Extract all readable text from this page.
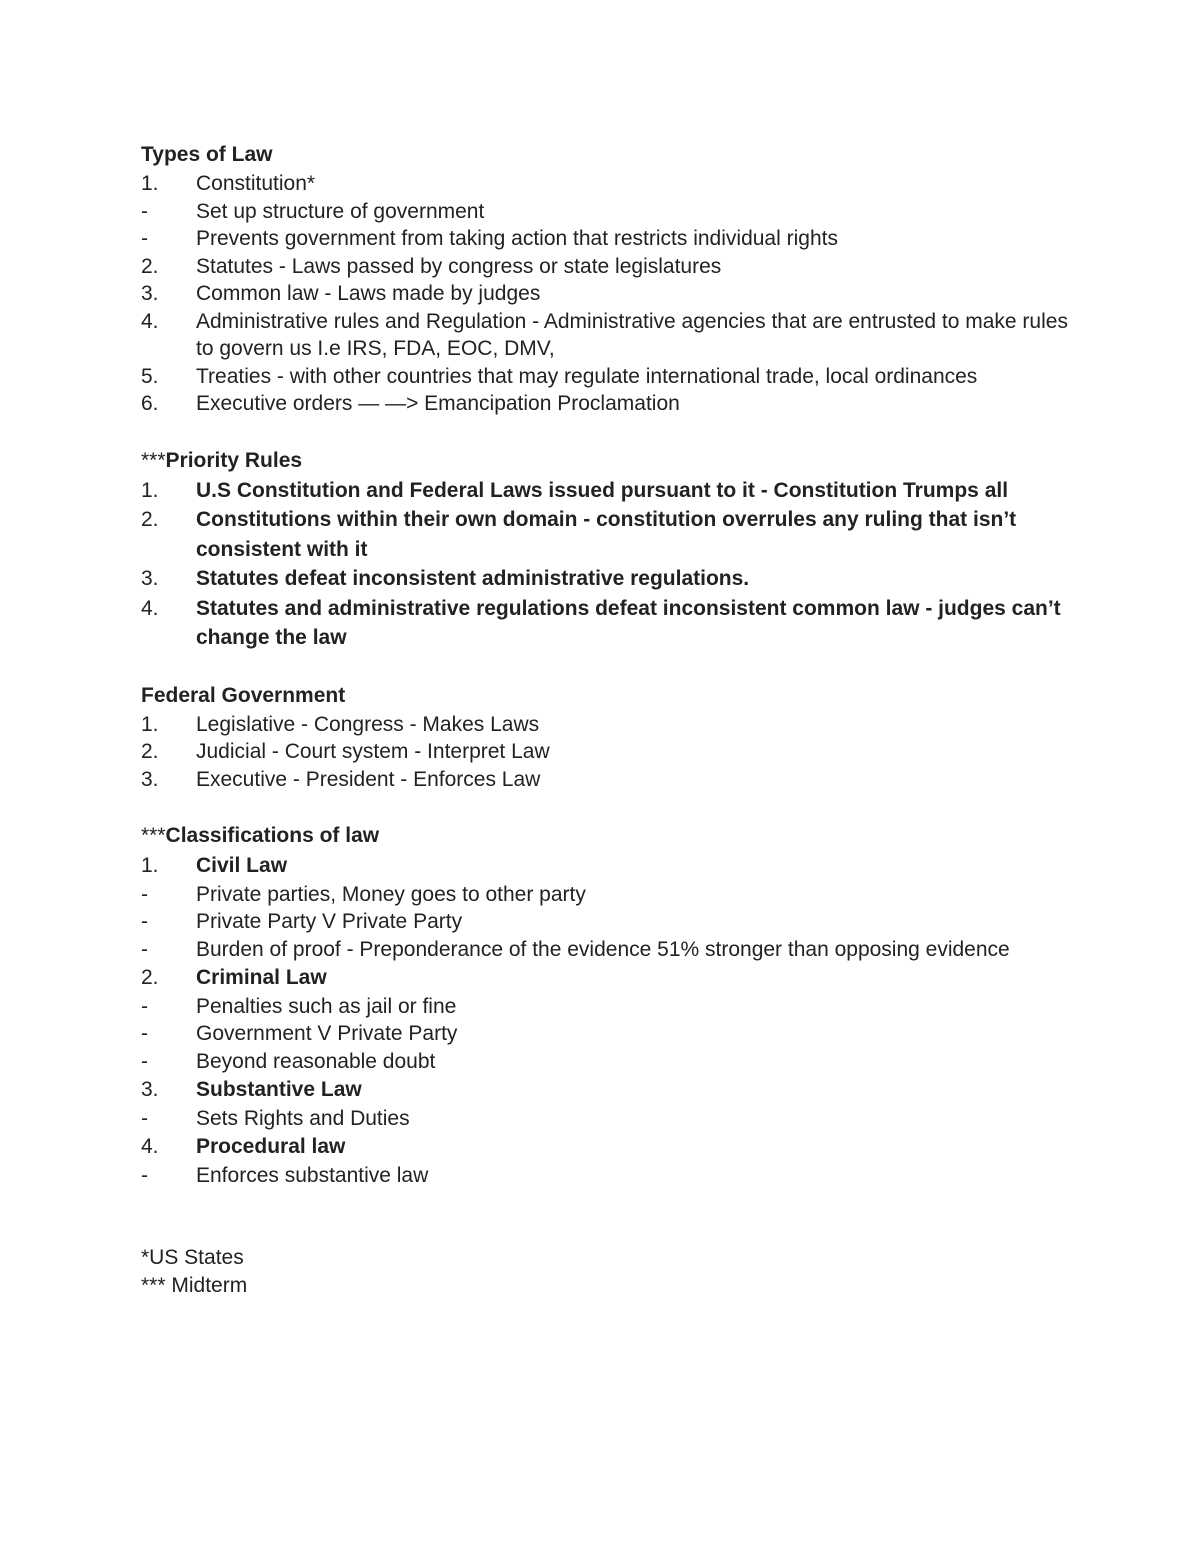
Types of Law
1.	Constitution*
-	Set up structure of government
-	Prevents government from taking action that restricts individual rights
2.	Statutes - Laws passed by congress or state legislatures
3.	Common law - Laws made by judges
4.	Administrative rules and Regulation - Administrative agencies that are entrusted to make rules to govern us I.e IRS, FDA, EOC, DMV,
5.	Treaties - with other countries that may regulate international trade, local ordinances
6.	Executive orders — —> Emancipation Proclamation
***Priority Rules
1.	U.S Constitution and Federal Laws issued pursuant to it - Constitution Trumps all
2.	Constitutions within their own domain - constitution overrules any ruling that isn’t consistent with it
3.	Statutes defeat inconsistent administrative regulations.
4.	Statutes and administrative regulations defeat inconsistent common law - judges can’t change the law
Federal Government
1.	Legislative - Congress - Makes Laws
2.	Judicial - Court system - Interpret Law
3.	Executive - President - Enforces Law
***Classifications of law
1.	Civil Law
-	Private parties, Money goes to other party
-	Private Party V Private Party
-	Burden of proof - Preponderance of the evidence 51% stronger than opposing evidence
2.	Criminal Law
-	Penalties such as jail or fine
-	Government V Private Party
-	Beyond reasonable doubt
3.	Substantive Law
-	Sets Rights and Duties
4.	Procedural law
-	Enforces substantive law
*US States
*** Midterm
